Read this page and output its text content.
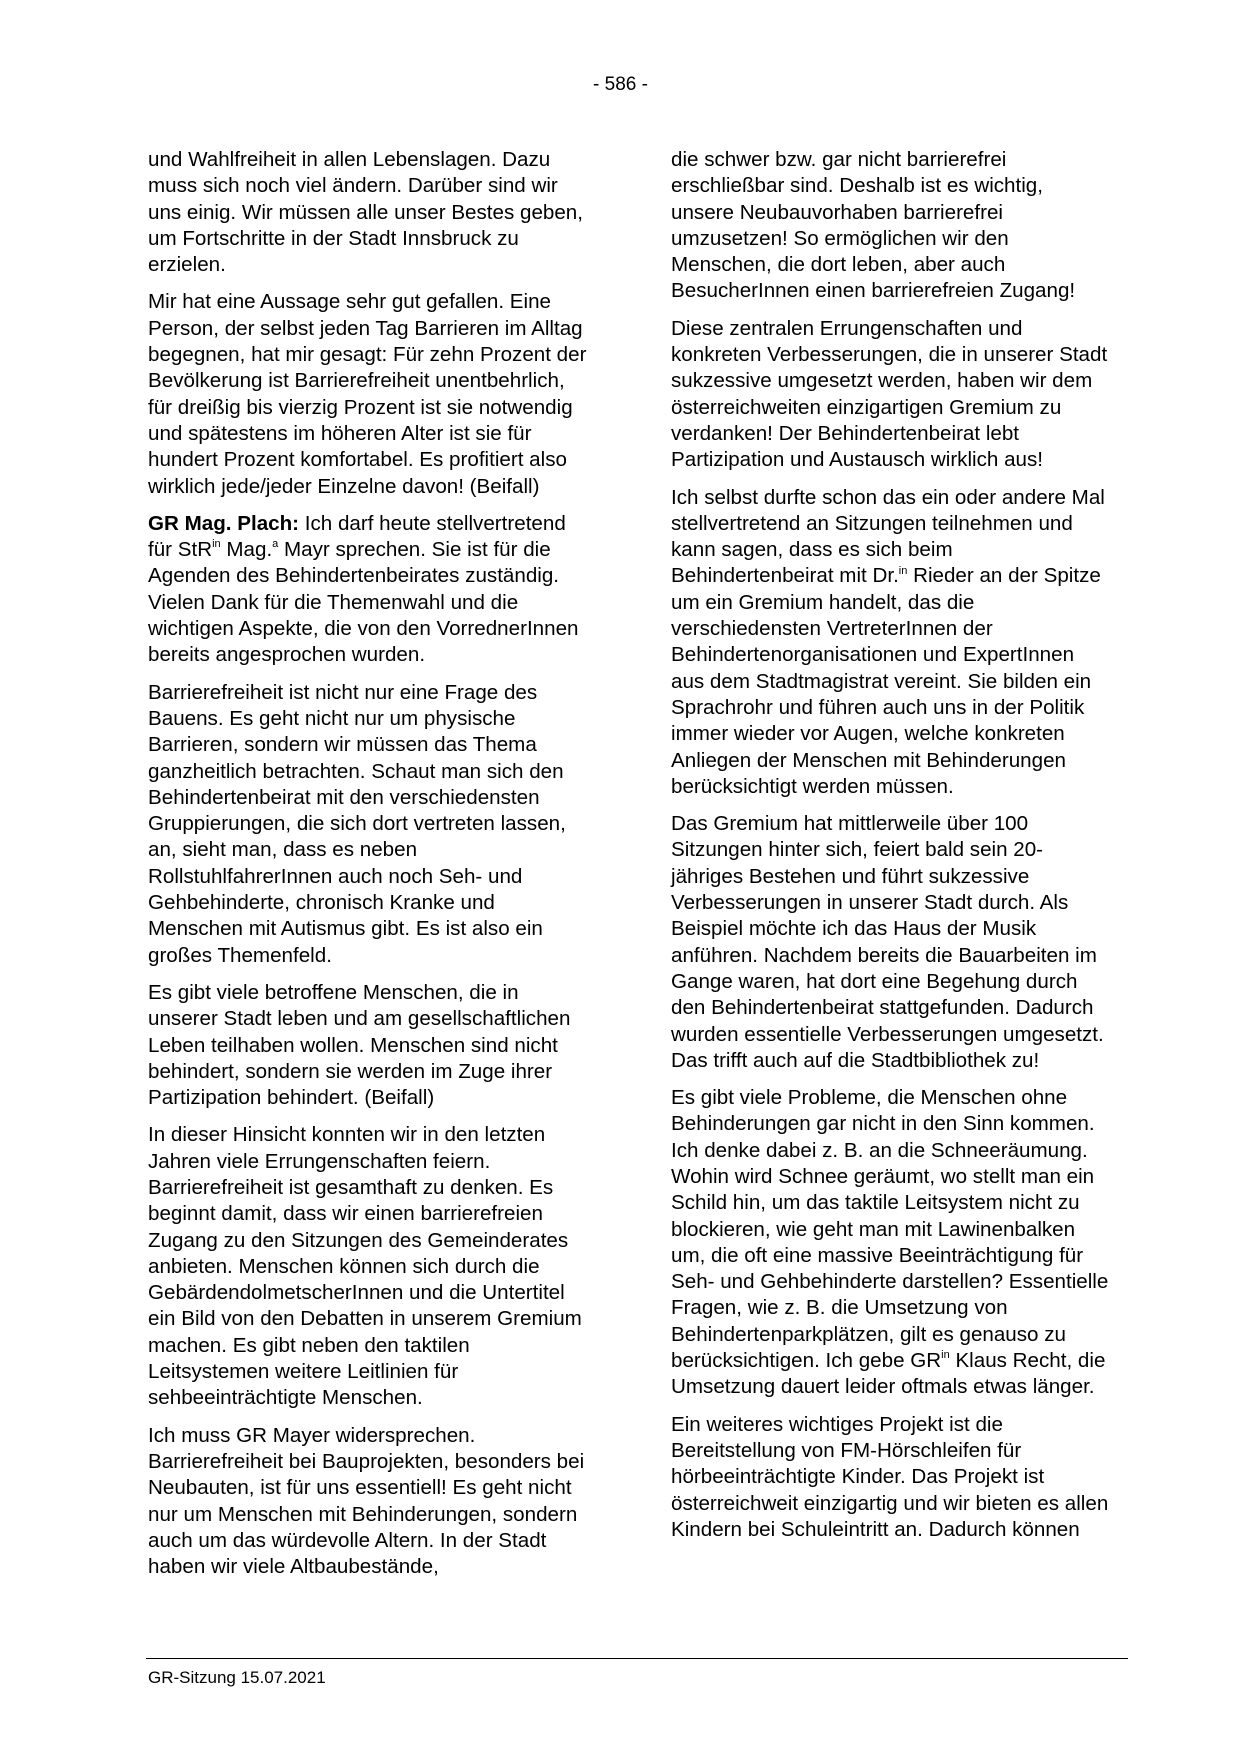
- 586 -

und Wahlfreiheit in allen Lebenslagen. Dazu muss sich noch viel ändern. Darüber sind wir uns einig. Wir müssen alle unser Bestes geben, um Fortschritte in der Stadt Innsbruck zu erzielen.

Mir hat eine Aussage sehr gut gefallen. Eine Person, der selbst jeden Tag Barrieren im Alltag begegnen, hat mir gesagt: Für zehn Prozent der Bevölkerung ist Barrierefreiheit unentbehrlich, für dreißig bis vierzig Prozent ist sie notwendig und spätestens im höheren Alter ist sie für hundert Prozent komfortabel. Es profitiert also wirklich jede/jeder Einzelne davon! (Beifall)

GR Mag. Plach: Ich darf heute stellvertretend für StR$^{in}$ Mag.$^a$ Mayr sprechen. Sie ist für die Agenden des Behindertenbeirates zuständig. Vielen Dank für die Themenwahl und die wichtigen Aspekte, die von den VorrednerInnen bereits angesprochen wurden.

Barrierefreiheit ist nicht nur eine Frage des Bauens. Es geht nicht nur um physische Barrieren, sondern wir müssen das Thema ganzheitlich betrachten. Schaut man sich den Behindertenbeirat mit den verschiedensten Gruppierungen, die sich dort vertreten lassen, an, sieht man, dass es neben RollstuhlfahrerInnen auch noch Seh- und Gehbehinderte, chronisch Kranke und Menschen mit Autismus gibt. Es ist also ein großes Themenfeld.

Es gibt viele betroffene Menschen, die in unserer Stadt leben und am gesellschaftlichen Leben teilhaben wollen. Menschen sind nicht behindert, sondern sie werden im Zuge ihrer Partizipation behindert. (Beifall)

In dieser Hinsicht konnten wir in den letzten Jahren viele Errungenschaften feiern. Barrierefreiheit ist gesamthaft zu denken. Es beginnt damit, dass wir einen barrierefreien Zugang zu den Sitzungen des Gemeinderates anbieten. Menschen können sich durch die GebärdendolmetscherInnen und die Untertitel ein Bild von den Debatten in unserem Gremium machen. Es gibt neben den taktilen Leitsystemen weitere Leitlinien für sehbeeinträchtigte Menschen.

Ich muss GR Mayer widersprechen. Barrierefreiheit bei Bauprojekten, besonders bei Neubauten, ist für uns essentiell! Es geht nicht nur um Menschen mit Behinderungen, sondern auch um das würdevolle Altern. In der Stadt haben wir viele Altbaubestände,

die schwer bzw. gar nicht barrierefrei erschließbar sind. Deshalb ist es wichtig, unsere Neubauvorhaben barrierefrei umzusetzen! So ermöglichen wir den Menschen, die dort leben, aber auch BesucherInnen einen barrierefreien Zugang!

Diese zentralen Errungenschaften und konkreten Verbesserungen, die in unserer Stadt sukzessive umgesetzt werden, haben wir dem österreichweiten einzigartigen Gremium zu verdanken! Der Behindertenbeirat lebt Partizipation und Austausch wirklich aus!

Ich selbst durfte schon das ein oder andere Mal stellvertretend an Sitzungen teilnehmen und kann sagen, dass es sich beim Behindertenbeirat mit Dr.$^{in}$ Rieder an der Spitze um ein Gremium handelt, das die verschiedensten VertreterInnen der Behindertenorganisationen und ExpertInnen aus dem Stadtmagistrat vereint. Sie bilden ein Sprachrohr und führen auch uns in der Politik immer wieder vor Augen, welche konkreten Anliegen der Menschen mit Behinderungen berücksichtigt werden müssen.

Das Gremium hat mittlerweile über 100 Sitzungen hinter sich, feiert bald sein 20-jähriges Bestehen und führt sukzessive Verbesserungen in unserer Stadt durch. Als Beispiel möchte ich das Haus der Musik anführen. Nachdem bereits die Bauarbeiten im Gange waren, hat dort eine Begehung durch den Behindertenbeirat stattgefunden. Dadurch wurden essentielle Verbesserungen umgesetzt. Das trifft auch auf die Stadtbibliothek zu!

Es gibt viele Probleme, die Menschen ohne Behinderungen gar nicht in den Sinn kommen. Ich denke dabei z. B. an die Schneeräumung. Wohin wird Schnee geräumt, wo stellt man ein Schild hin, um das taktile Leitsystem nicht zu blockieren, wie geht man mit Lawinenbalken um, die oft eine massive Beeinträchtigung für Seh- und Gehbehinderte darstellen? Essentielle Fragen, wie z. B. die Umsetzung von Behindertenparkplätzen, gilt es genauso zu berücksichtigen. Ich gebe $GR^{in}$ Klaus Recht, die Umsetzung dauert leider oftmals etwas länger.

Ein weiteres wichtiges Projekt ist die Bereitstellung von FM-Hörschleifen für hörbeeinträchtigte Kinder. Das Projekt ist österreichweit einzigartig und wir bieten es allen Kindern bei Schuleintritt an. Dadurch können

GR-Sitzung 15.07.2021
